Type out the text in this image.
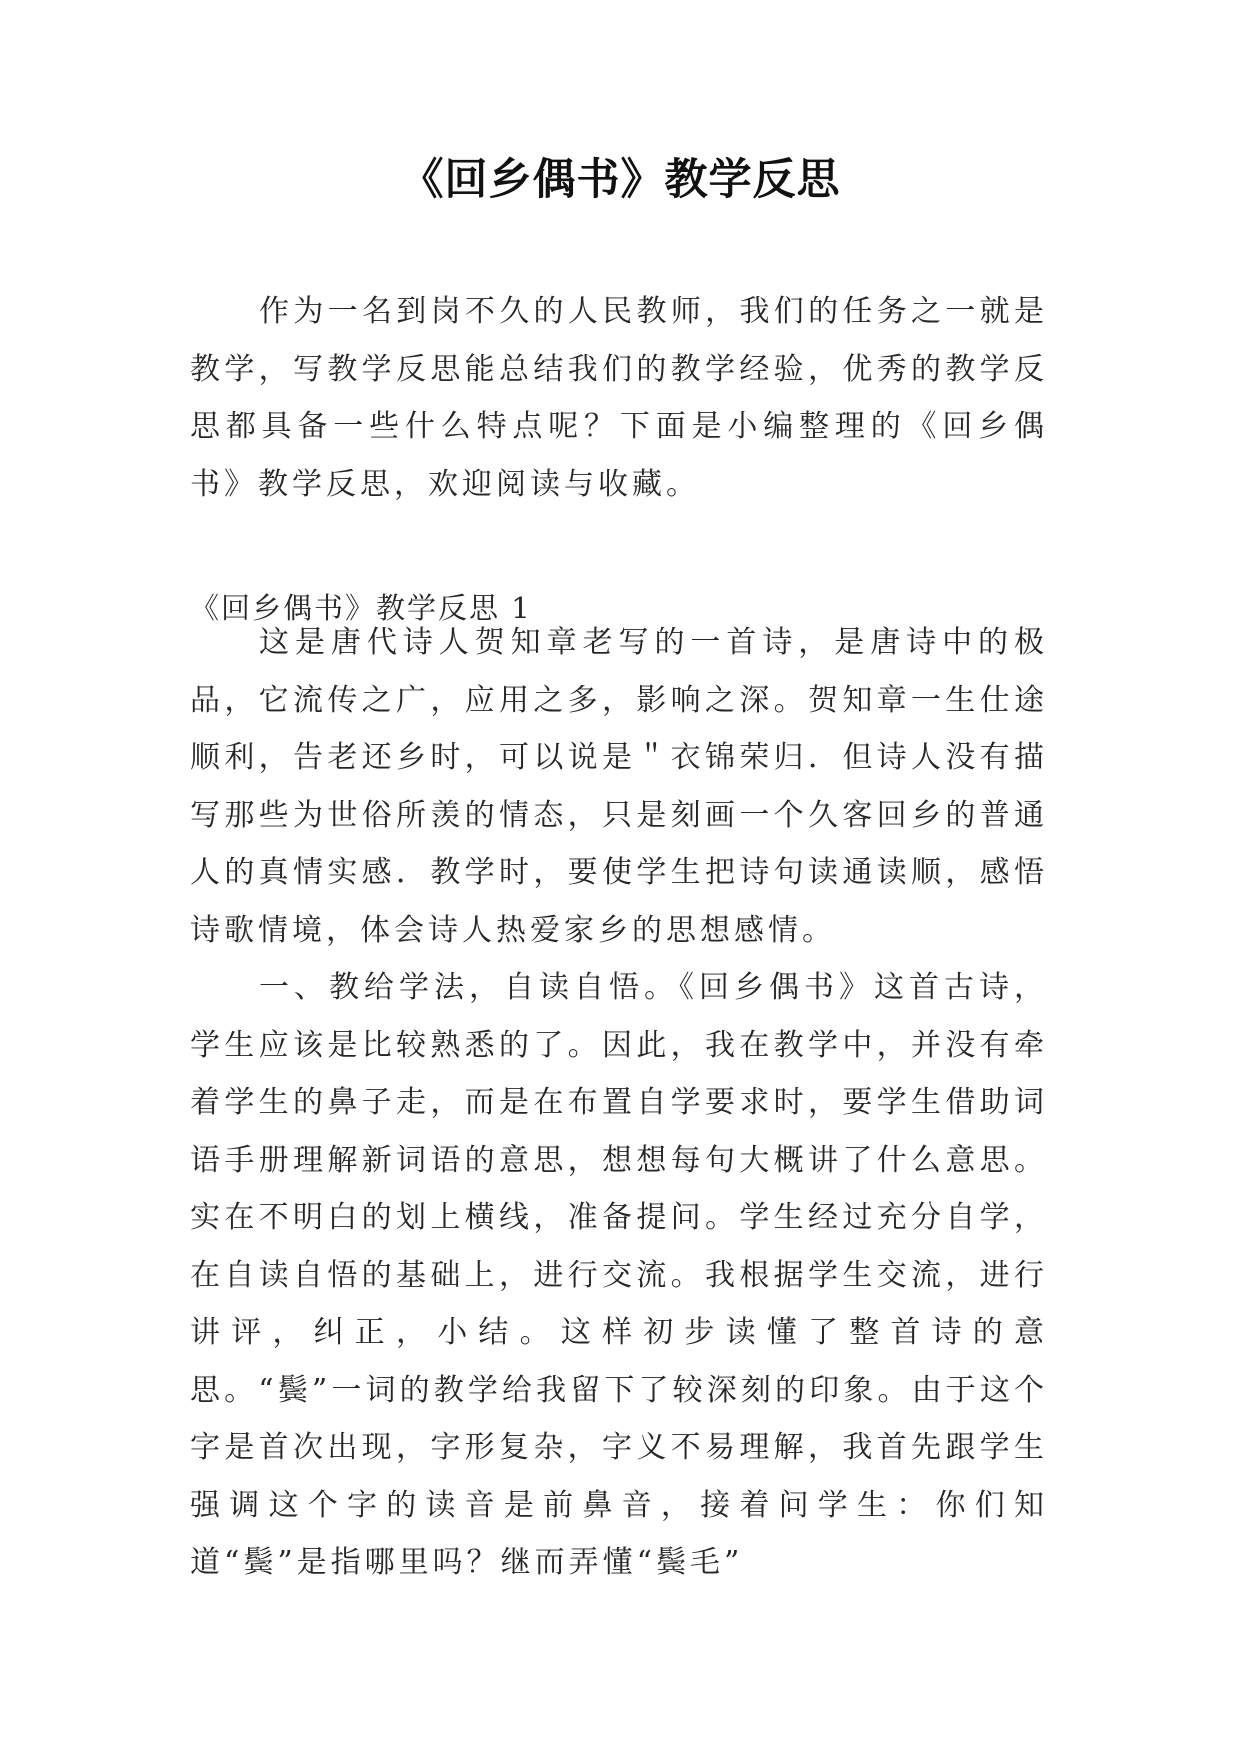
《回乡偶书》教学反思

作为一名到岗不久的人民教师，我们的任务之一就是教学，写教学反思能总结我们的教学经验，优秀的教学反思都具备一些什么特点呢？下面是小编整理的《回乡偶书》教学反思，欢迎阅读与收藏。

《回乡偶书》教学反思 1

这是唐代诗人贺知章老写的一首诗，是唐诗中的极品，它流传之广，应用之多，影响之深。贺知章一生仕途顺利，告老还乡时，可以说是＂衣锦荣归．但诗人没有描写那些为世俗所羡的情态，只是刻画一个久客回乡的普通人的真情实感．教学时，要使学生把诗句读通读顺，感悟诗歌情境，体会诗人热爱家乡的思想感情。

一、教给学法，自读自悟。《回乡偶书》这首古诗，学生应该是比较熟悉的了。因此，我在教学中，并没有牵着学生的鼻子走，而是在布置自学要求时，要学生借助词语手册理解新词语的意思，想想每句大概讲了什么意思。实在不明白的划上横线，准备提问。学生经过充分自学，在自读自悟的基础上，进行交流。我根据学生交流，进行讲评，纠正，小结。这样初步读懂了整首诗的意思。“鬓”一词的教学给我留下了较深刻的印象。由于这个字是首次出现，字形复杂，字义不易理解，我首先跟学生强调这个字的读音是前鼻音，接着问学生：你们知道“鬓”是指哪里吗？继而弄懂“鬓毛”
